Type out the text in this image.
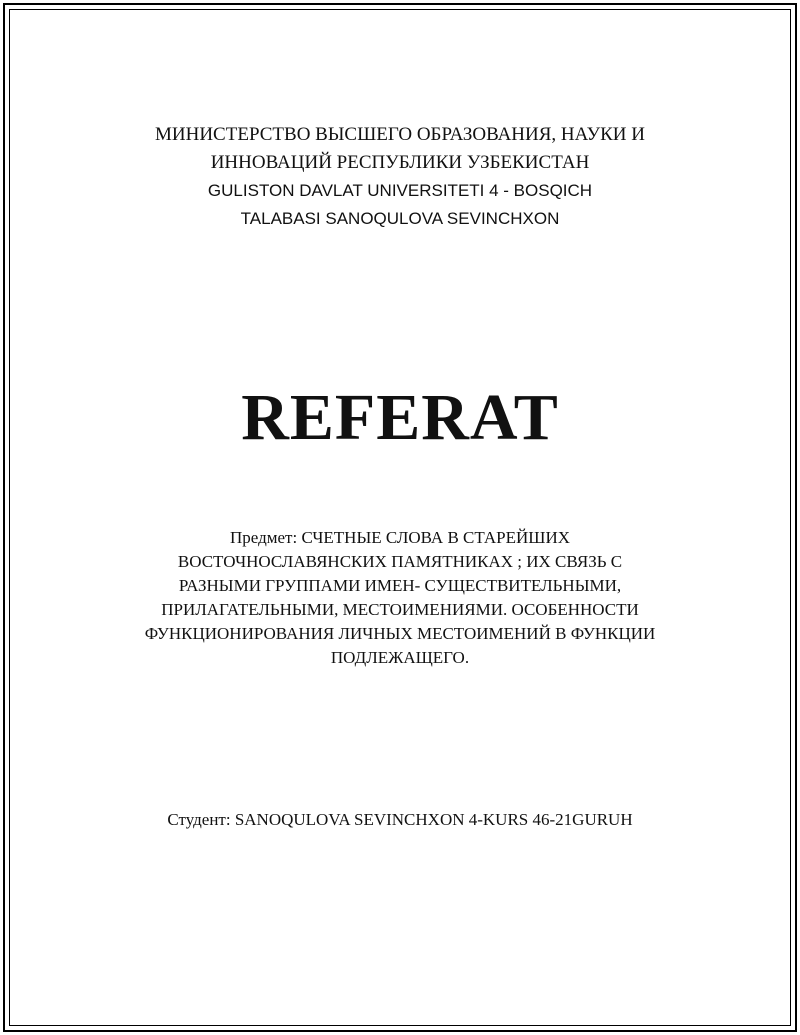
МИНИСТЕРСТВО ВЫСШЕГО ОБРАЗОВАНИЯ, НАУКИ И
ИННОВАЦИЙ РЕСПУБЛИКИ УЗБЕКИСТАН
GULISTON DAVLAT UNIVERSITETI 4 - BOSQICH
TALABASI SANOQULOVA SEVINCHXON
REFERAT
Предмет: СЧЕТНЫЕ СЛОВА В СТАРЕЙШИХ
ВОСТОЧНОСЛАВЯНСКИХ ПАМЯТНИКАХ ; ИХ СВЯЗЬ С
РАЗНЫМИ ГРУППАМИ ИМЕН- СУЩЕСТВИТЕЛЬНЫМИ,
ПРИЛАГАТЕЛЬНЫМИ, МЕСТОИМЕНИЯМИ. ОСОБЕННОСТИ
ФУНКЦИОНИРОВАНИЯ ЛИЧНЫХ МЕСТОИМЕНИЙ В ФУНКЦИИ
ПОДЛЕЖАЩЕГО.
Студент: SANOQULOVA SEVINCHXON 4-KURS 46-21GURUH
